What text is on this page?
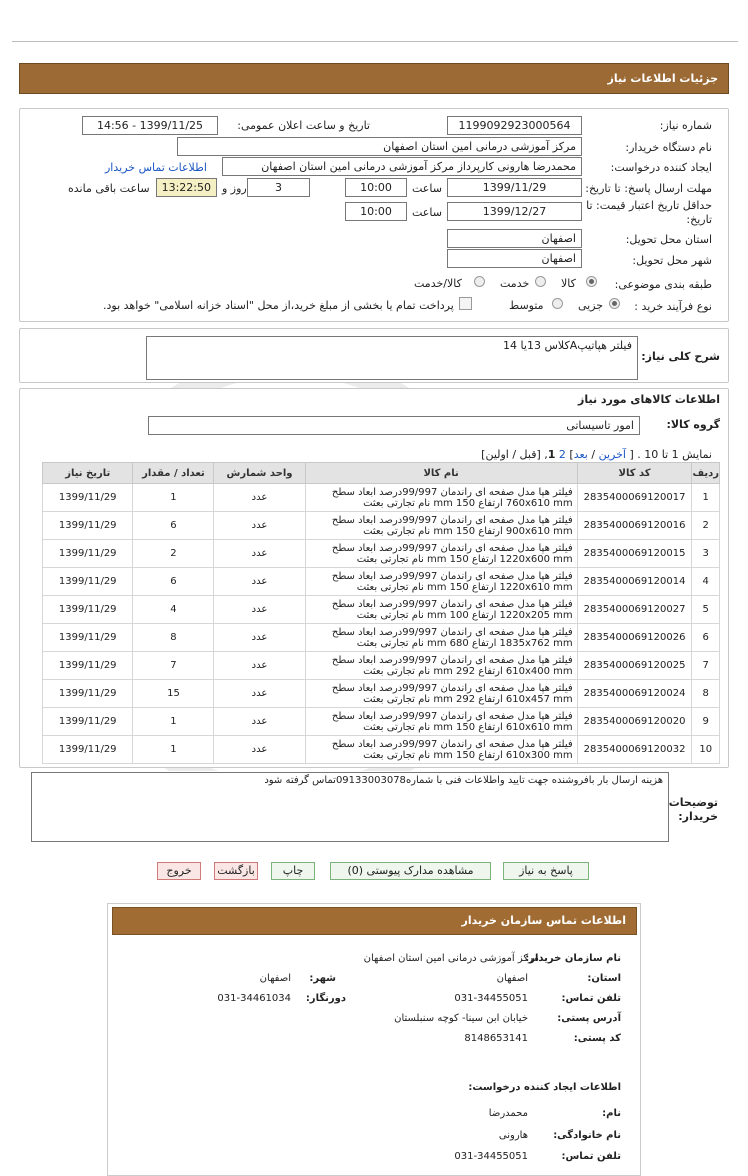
جزئیات اطلاعات نیاز
شماره نیاز:
1199092923000564
تاریخ و ساعت اعلان عمومی:
1399/11/25 - 14:56
نام دستگاه خریدار:
مرکز آموزشی درمانی امین استان اصفهان
ایجاد کننده درخواست:
محمدرضا هارونی کارپرداز مرکز آموزشی درمانی امین استان اصفهان
اطلاعات تماس خریدار
مهلت ارسال پاسخ: تا تاریخ:
1399/11/29
ساعت
10:00
3
روز و
13:22:50
ساعت باقی مانده
حداقل تاریخ اعتبار قیمت: تا تاریخ:
1399/12/27
ساعت
10:00
استان محل تحویل:
اصفهان
شهر محل تحویل:
اصفهان
طبقه بندی موضوعی:
کالا
خدمت
کالا/خدمت
نوع فرآیند خرید :
جزیی
متوسط
پرداخت تمام یا بخشی از مبلغ خرید،از محل "اسناد خزانه اسلامی" خواهد بود.
شرح کلی نیاز:
فیلتر هپاتیپAکلاس 13یا 14
اطلاعات کالاهای مورد نیاز
گروه کالا:
امور تاسیساتی
نمایش 1 تا 10 . [ آخرین / بعد] 2 1, [قبل / اولین]
ردیف	کد کالا	نام کالا	واحد شمارش	تعداد / مقدار	تاریخ نیاز
1	2835400069120017	فیلتر هپا مدل صفحه ای راندمان 99/997درصد ابعاد سطح
760x610 mm ارتفاع 150 mm نام تجارتی بعثت	عدد	1	1399/11/29
2	2835400069120016	فیلتر هپا مدل صفحه ای راندمان 99/997درصد ابعاد سطح
900x610 mm ارتفاع 150 mm نام تجارتی بعثت	عدد	6	1399/11/29
3	2835400069120015	فیلتر هپا مدل صفحه ای راندمان 99/997درصد ابعاد سطح
1220x600 mm ارتفاع 150 mm نام تجارتی بعثت	عدد	2	1399/11/29
4	2835400069120014	فیلتر هپا مدل صفحه ای راندمان 99/997درصد ابعاد سطح
1220x610 mm ارتفاع 150 mm نام تجارتی بعثت	عدد	6	1399/11/29
5	2835400069120027	فیلتر هپا مدل صفحه ای راندمان 99/997درصد ابعاد سطح
1220x205 mm ارتفاع 100 mm نام تجارتی بعثت	عدد	4	1399/11/29
6	2835400069120026	فیلتر هپا مدل صفحه ای راندمان 99/997درصد ابعاد سطح
1835x762 mm ارتفاع 680 mm نام تجارتی بعثت	عدد	8	1399/11/29
7	2835400069120025	فیلتر هپا مدل صفحه ای راندمان 99/997درصد ابعاد سطح
610x400 mm ارتفاع 292 mm نام تجارتی بعثت	عدد	7	1399/11/29
8	2835400069120024	فیلتر هپا مدل صفحه ای راندمان 99/997درصد ابعاد سطح
610x457 mm ارتفاع 292 mm نام تجارتی بعثت	عدد	15	1399/11/29
9	2835400069120020	فیلتر هپا مدل صفحه ای راندمان 99/997درصد ابعاد سطح
610x610 mm ارتفاع 150 mm نام تجارتی بعثت	عدد	1	1399/11/29
10	2835400069120032	فیلتر هپا مدل صفحه ای راندمان 99/997درصد ابعاد سطح
610x300 mm ارتفاع 150 mm نام تجارتی بعثت	عدد	1	1399/11/29
هزینه ارسال بار بافروشنده جهت تایید واطلاعات فنی با شماره09133003078تماس گرفته شود
توضیحات خریدار:
پاسخ به نیاز
مشاهده مدارک پیوستی (0)
چاپ
بازگشت
خروج
اطلاعات تماس سازمان خریدار
نام سازمان خریدار:
مرکز آموزشی درمانی امین استان اصفهان
استان:
اصفهان
شهر:
اصفهان
تلفن تماس:
031-34455051
دورنگار:
031-34461034
آدرس پستی:
خیابان ابن سینا- کوچه سنبلستان
کد پستی:
8148653141
اطلاعات ایجاد کننده درخواست:
نام:
محمدرضا
نام خانوادگی:
هارونی
تلفن تماس:
031-34455051
